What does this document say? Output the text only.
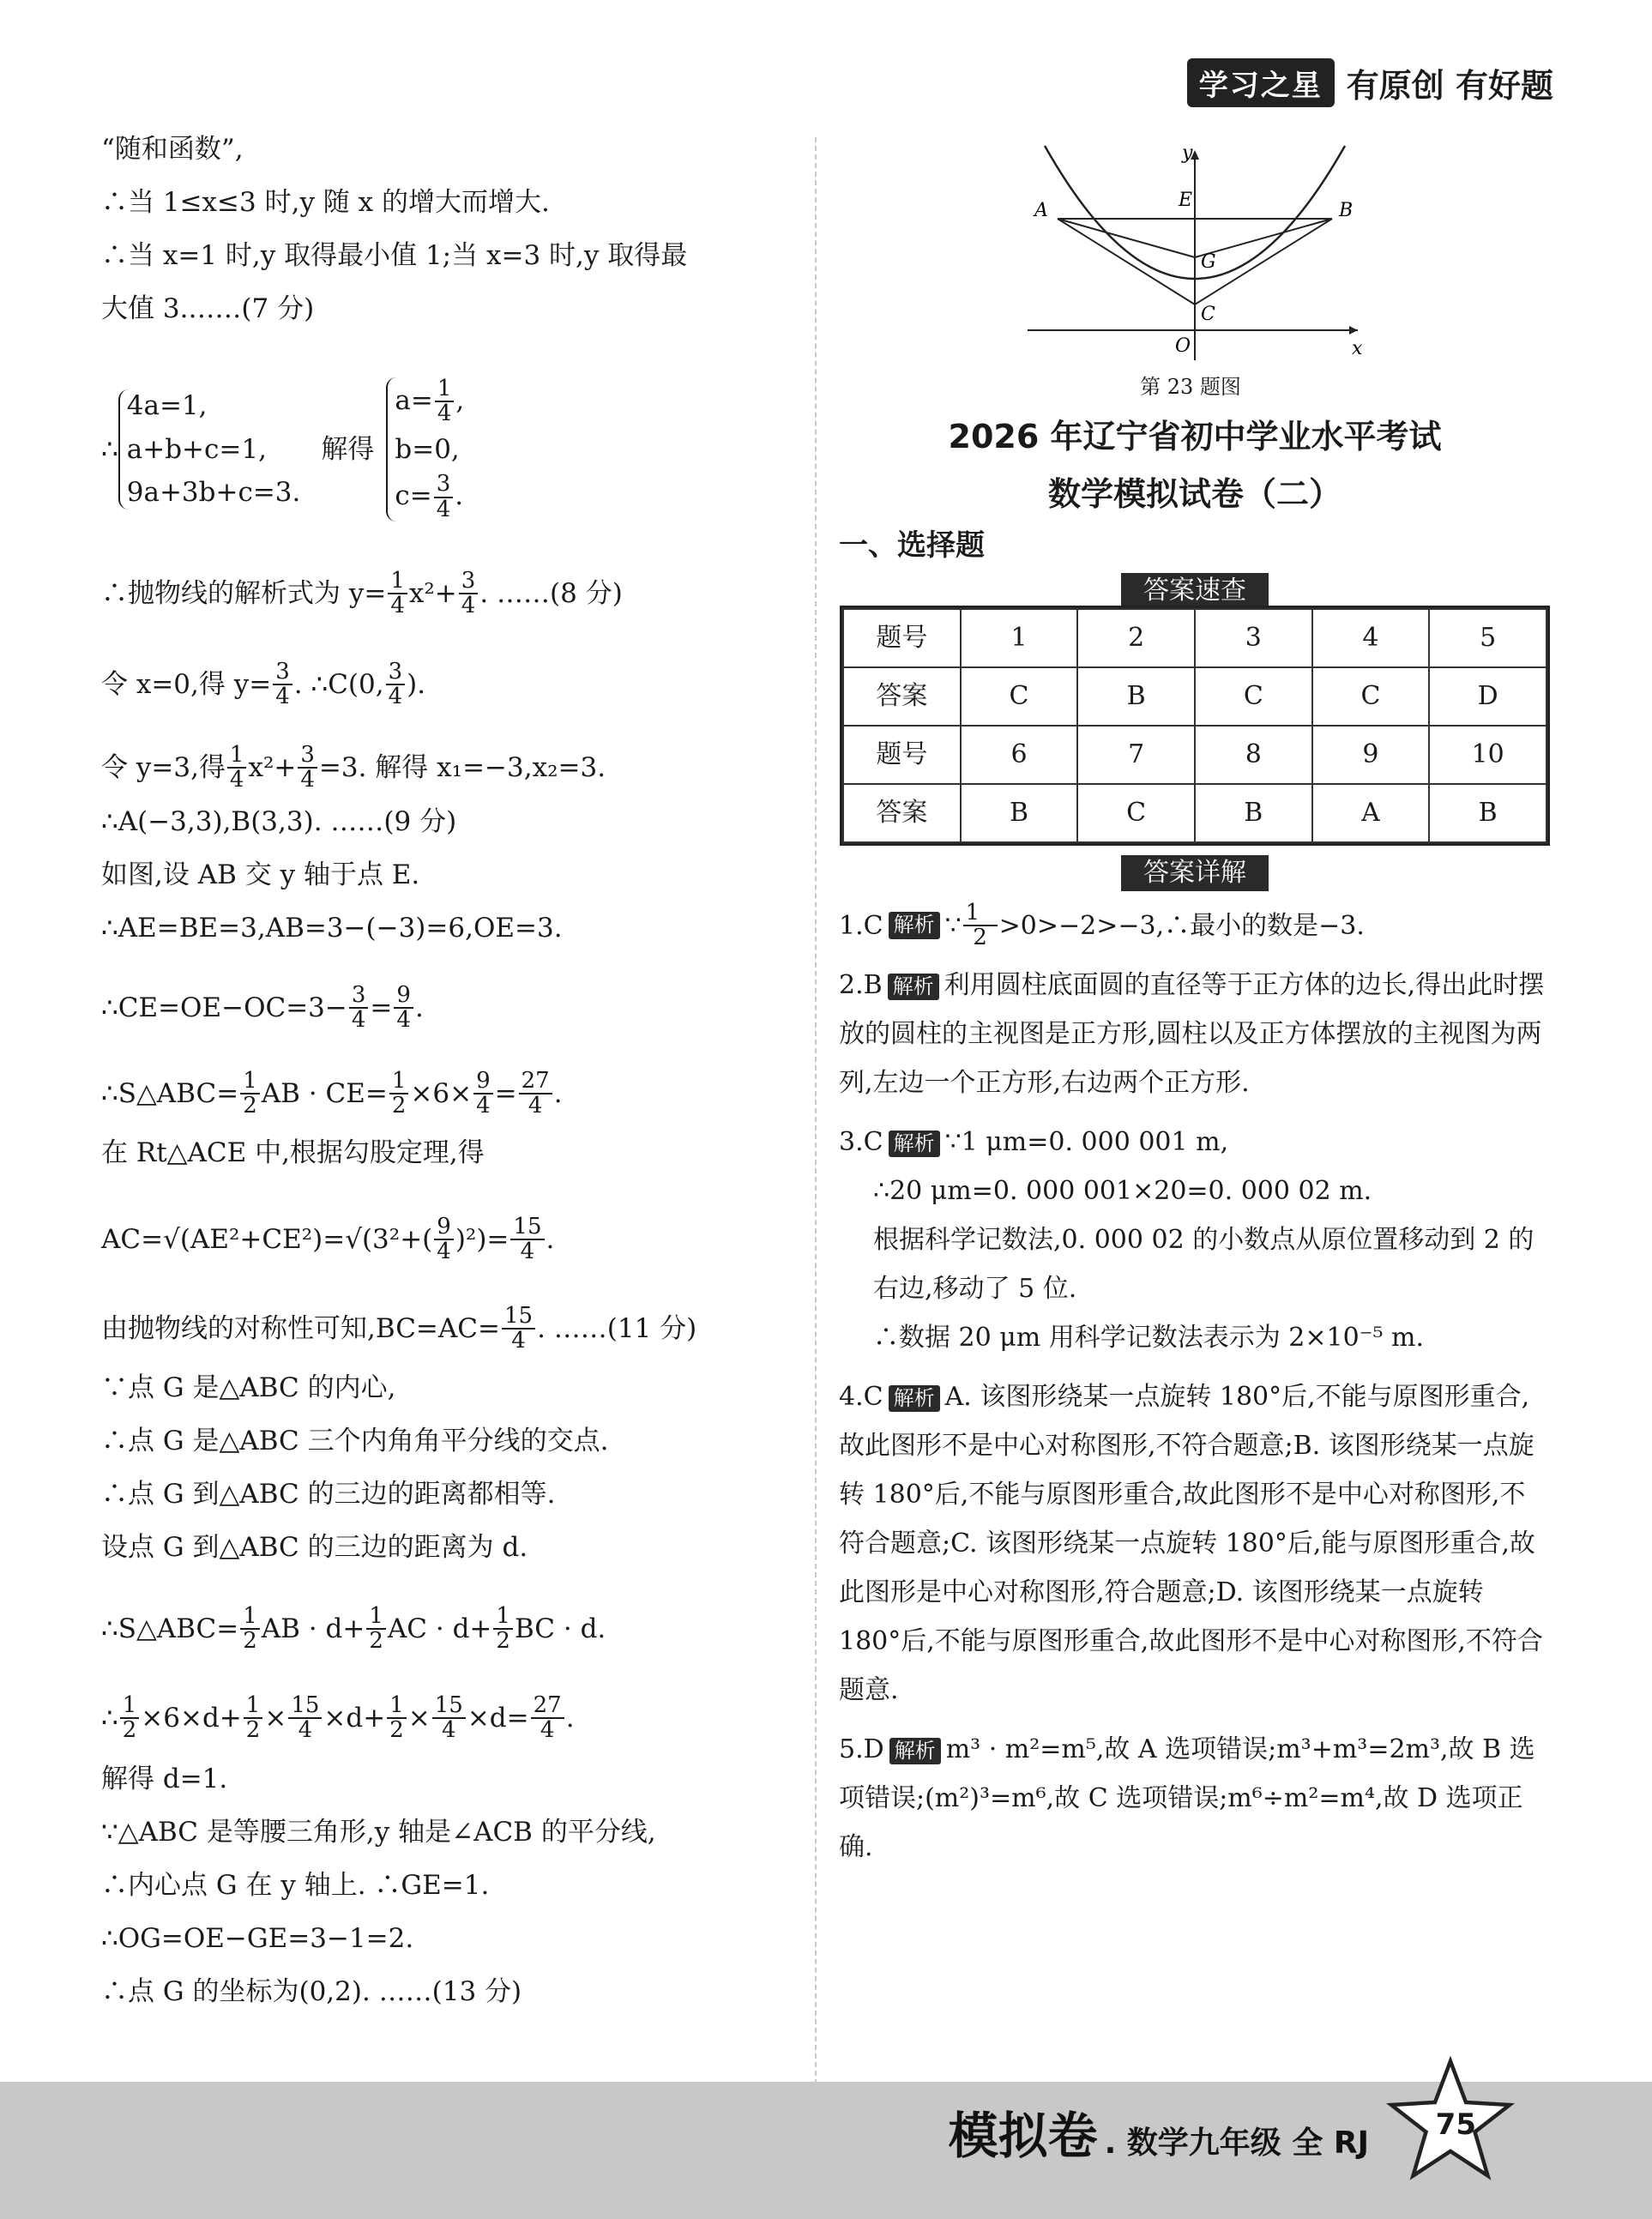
学习之星 有原创 有好题

“随和函数”,

∴当 1≤x≤3 时,y 随 x 的增大而增大.

∴当 x=1 时,y 取得最小值 1;当 x=3 时,y 取得最

大值 3.……(7 分)

∴
4a=1,
a+b+c=1,
9a+3b+c=3.
解得
$a= \frac{1}{4}$ ,
b=0,
$c= \frac{3}{4}$ .

∴抛物线的解析式为 $y= \frac{1}{4} x^2+ \frac{3}{4}$ . ……(8 分)

令 x=0,得 $y= \frac{3}{4}$ . ∴C(0, $\frac{3}{4}$ ).

令 y=3,得 $\frac{1}{4} x^2+ \frac{3}{4} =3$. 解得 x₁=−3,x₂=3.

∴A(−3,3),B(3,3). ……(9 分)

如图,设 AB 交 y 轴于点 E.

∴AE=BE=3,AB=3−(−3)=6,OE=3.

∴CE=OE−OC=3− $\frac{3}{4} = \frac{9}{4}$ .

∴S△ABC= $\frac{1}{2}$ AB · $CE= \frac{1}{2} \times 6\times \frac{9}{4} = \frac{27}{4}$ .

在 Rt△ACE 中,根据勾股定理,得

$AC=√(AE^2+CE^2)=√(3^2+( \frac{9}{4} )^2)= \frac{15}{4}$ .

由抛物线的对称性可知$,BC=AC= \frac{15}{4}$ . ……(11 分)

∵点 G 是△ABC 的内心,

∴点 G 是△ABC 三个内角角平分线的交点.

∴点 G 到△ABC 的三边的距离都相等.

设点 G 到△ABC 的三边的距离为 d.

∴S△ABC= $\frac{1}{2}$ AB · $d+ \frac{1}{2}$ AC · $d+ \frac{1}{2}$ BC · d.

∴ $\frac{1}{2} \times 6\times d+ \frac{1}{2} \times \frac{15}{4} \times d+ \frac{1}{2} \times \frac{15}{4} \times d= \frac{27}{4}$ .

解得 d=1.

∵△ABC 是等腰三角形,y 轴是∠ACB 的平分线,

∴内心点 G 在 y 轴上. ∴GE=1.

∴OG=OE−GE=3−1=2.

∴点 G 的坐标为(0,2). ……(13 分)

y
x
A	B
E
G
C
O
第 23 题图
2026 年辽宁省初中学业水平考试
数学模拟试卷（二）
一、选择题
答案速查
题号	1	2	3	4	5
答案	C	B	C	C	D
题号	6	7	8	9	10
答案	B	C	B	A	B
答案详解
1.C 解析 ∵ $\frac{1}{2}$ >0>−2>−3,∴最小的数是−3.
2.B 解析 利用圆柱底面圆的直径等于正方体的边长,得出此时摆放的圆柱的主视图是正方形,圆柱以及正方体摆放的主视图为两列,左边一个正方形,右边两个正方形.
3.C 解析 ∵1 μm=0. 000 001 m,
∴20 μm=0. 000 001×20=0. 000 02 m.
根据科学记数法,0. 000 02 的小数点从原位置移动到 2 的右边,移动了 5 位.
∴数据 20 μm 用科学记数法表示为 2×10⁻⁵ m.
4.C 解析 A. 该图形绕某一点旋转 180°后,不能与原图形重合,故此图形不是中心对称图形,不符合题意;B. 该图形绕某一点旋转 180°后,不能与原图形重合,故此图形不是中心对称图形,不符合题意;C. 该图形绕某一点旋转 180°后,能与原图形重合,故此图形是中心对称图形,符合题意;D. 该图形绕某一点旋转 180°后,不能与原图形重合,故此图形不是中心对称图形,不符合题意.
5.D 解析 m³ · m²=m⁵,故 A 选项错误;m³+m³=2m³,故 B 选项错误;(m²)³=m⁶,故 C 选项错误;m⁶÷m²=m⁴,故 D 选项正确.
模拟卷 . 数学九年级 全 RJ
75
